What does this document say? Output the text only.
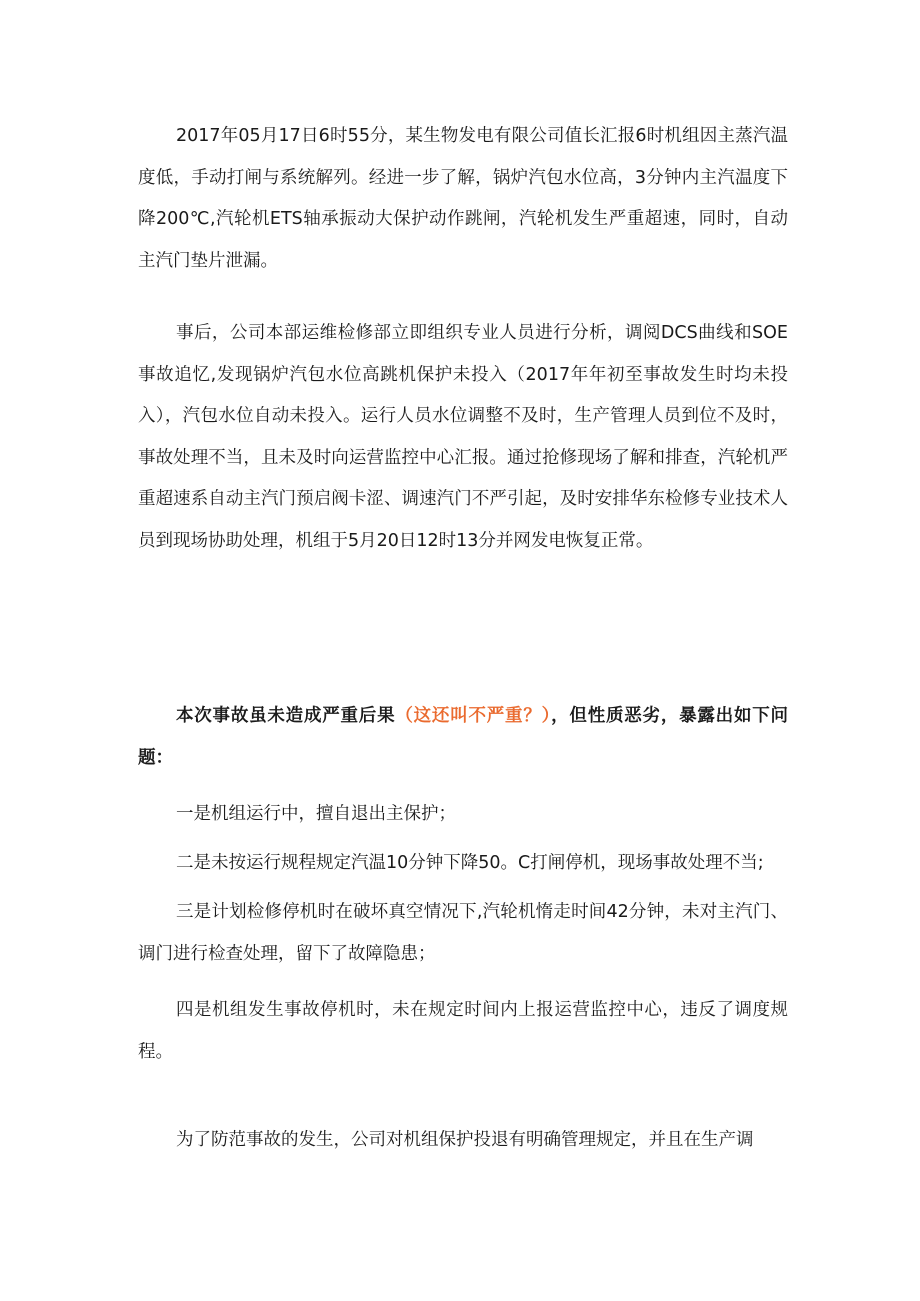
2017年05月17日6时55分，某生物发电有限公司值长汇报6时机组因主蒸汽温度低，手动打闸与系统解列。经进一步了解，锅炉汽包水位高，3分钟内主汽温度下降200℃,汽轮机ETS轴承振动大保护动作跳闸，汽轮机发生严重超速，同时，自动主汽门垫片泄漏。

事后，公司本部运维检修部立即组织专业人员进行分析，调阅DCS曲线和SOE事故追忆,发现锅炉汽包水位高跳机保护未投入（2017年年初至事故发生时均未投入），汽包水位自动未投入。运行人员水位调整不及时，生产管理人员到位不及时，事故处理不当，且未及时向运营监控中心汇报。通过抢修现场了解和排查，汽轮机严重超速系自动主汽门预启阀卡涩、调速汽门不严引起，及时安排华东检修专业技术人员到现场协助处理，机组于5月20日12时13分并网发电恢复正常。

本次事故虽未造成严重后果（这还叫不严重？），但性质恶劣，暴露出如下问题：

一是机组运行中，擅自退出主保护；

二是未按运行规程规定汽温10分钟下降50。C打闸停机，现场事故处理不当;

三是计划检修停机时在破坏真空情况下,汽轮机惰走时间42分钟，未对主汽门、调门进行检查处理，留下了故障隐患；

四是机组发生事故停机时，未在规定时间内上报运营监控中心，违反了调度规程。

为了防范事故的发生，公司对机组保护投退有明确管理规定，并且在生产调
